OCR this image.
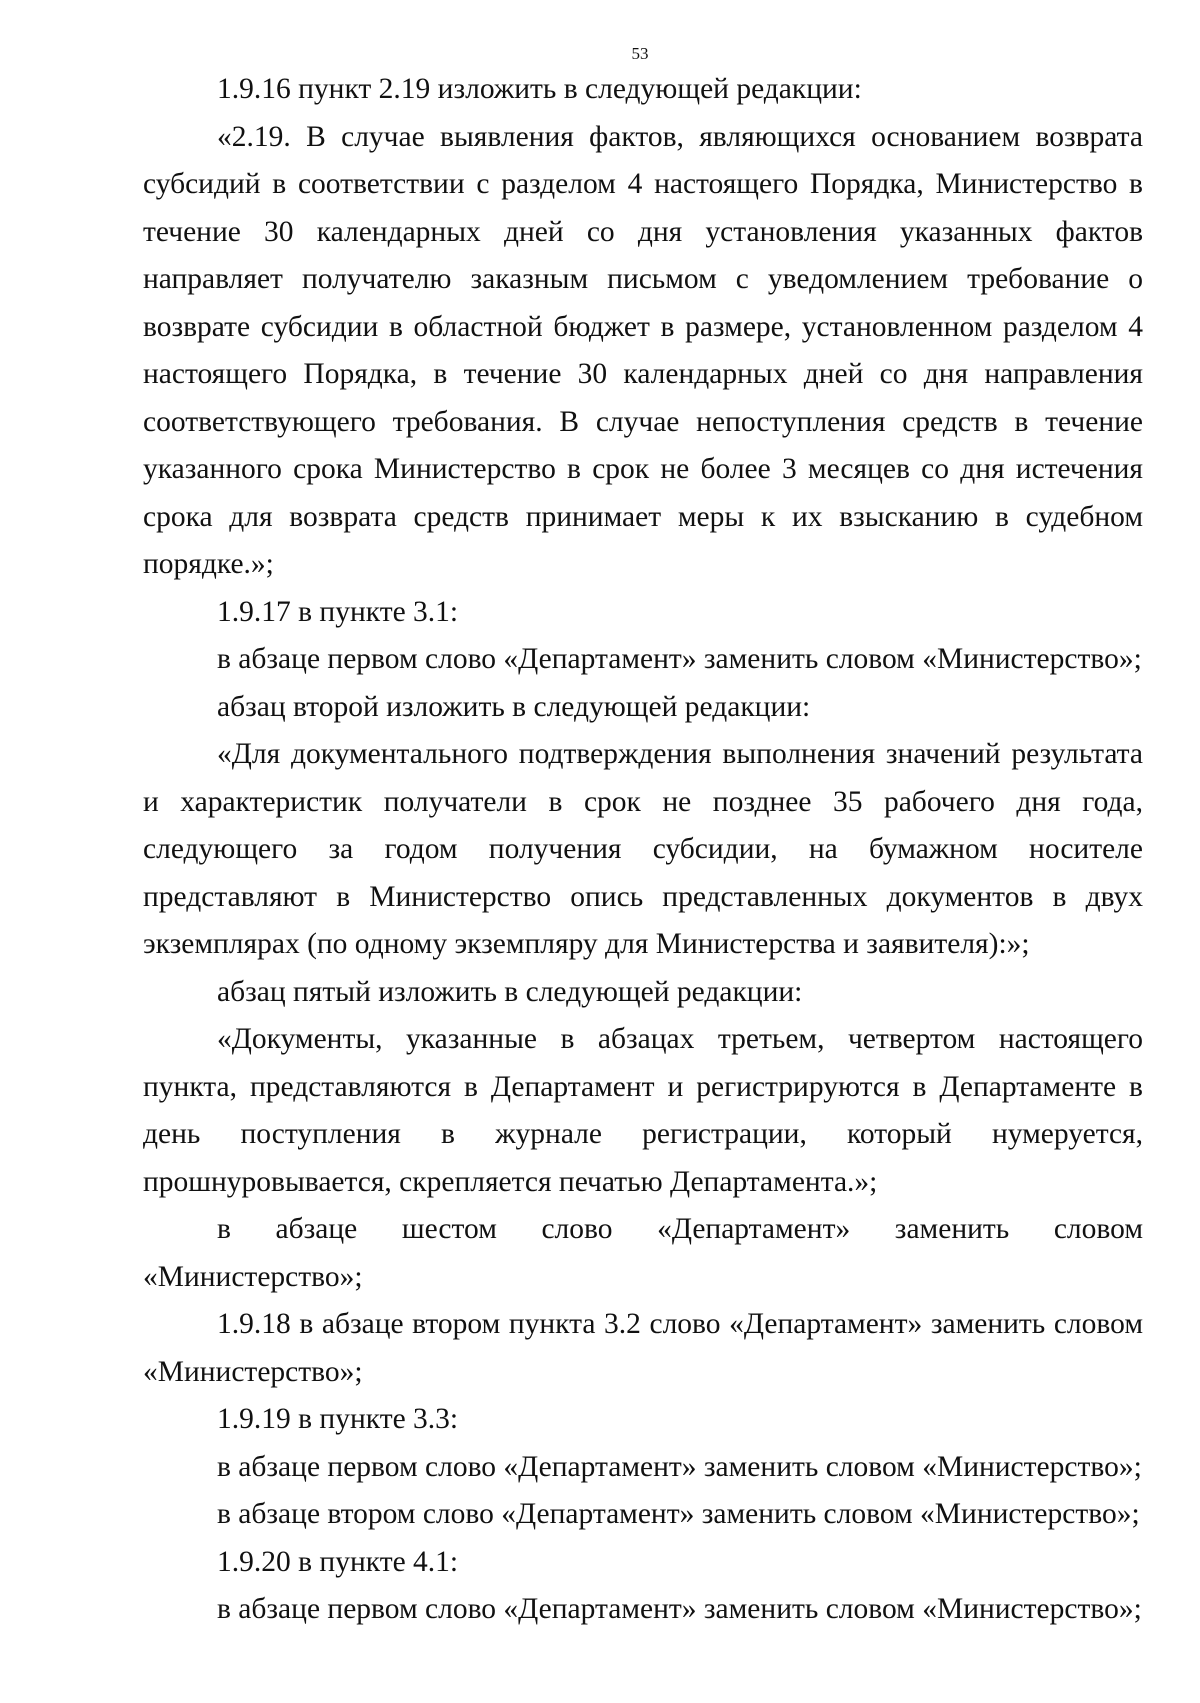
53

1.9.16 пункт 2.19 изложить в следующей редакции:

«2.19. В случае выявления фактов, являющихся основанием возврата субсидий в соответствии с разделом 4 настоящего Порядка, Министерство в течение 30 календарных дней со дня установления указанных фактов направляет получателю заказным письмом с уведомлением требование о возврате субсидии в областной бюджет в размере, установленном разделом 4 настоящего Порядка, в течение 30 календарных дней со дня направления соответствующего требования. В случае непоступления средств в течение указанного срока Министерство в срок не более 3 месяцев со дня истечения срока для возврата средств принимает меры к их взысканию в судебном порядке.»;

1.9.17 в пункте 3.1:

в абзаце первом слово «Департамент» заменить словом «Министерство»;

абзац второй изложить в следующей редакции:

«Для документального подтверждения выполнения значений результата и характеристик получатели в срок не позднее 35 рабочего дня года, следующего за годом получения субсидии, на бумажном носителе представляют в Министерство опись представленных документов в двух экземплярах (по одному экземпляру для Министерства и заявителя):»;

абзац пятый изложить в следующей редакции:

«Документы, указанные в абзацах третьем, четвертом настоящего пункта, представляются в Департамент и регистрируются в Департаменте в день поступления в журнале регистрации, который нумеруется, прошнуровывается, скрепляется печатью Департамента.»;

в абзаце шестом слово «Департамент» заменить словом «Министерство»;

1.9.18 в абзаце втором пункта 3.2 слово «Департамент» заменить словом «Министерство»;

1.9.19 в пункте 3.3:

в абзаце первом слово «Департамент» заменить словом «Министерство»;

в абзаце втором слово «Департамент» заменить словом «Министерство»;

1.9.20 в пункте 4.1:

в абзаце первом слово «Департамент» заменить словом «Министерство»;
